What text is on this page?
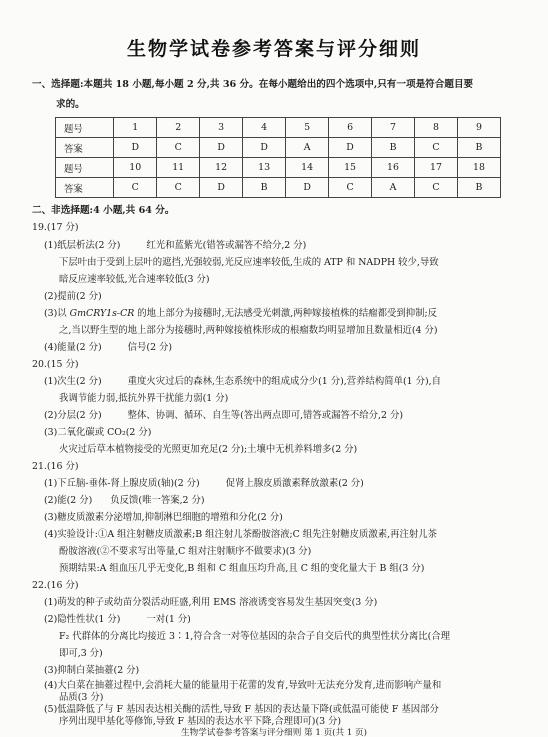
生物学试卷参考答案与评分细则
一、选择题:本题共 18 小题,每小题 2 分,共 36 分。在每小题给出的四个选项中,只有一项是符合题目要
求的。
题号	1	2	3	4	5	6	7	8	9
答案	D	C	D	D	A	D	B	C	B
题号	10	11	12	13	14	15	16	17	18
答案	C	C	D	B	D	C	A	C	B
二、非选择题:4 小题,共 64 分。
19.(17 分)
(1)纸层析法(2 分)	红光和蓝紫光(错答或漏答不给分,2 分)
下层叶由于受到上层叶的遮挡,光强较弱,光反应速率较低,生成的 ATP 和 NADPH 较少,导致
暗反应速率较低,光合速率较低(3 分)
(2)提前(2 分)
(3)以 GmCRY1s-CR 的地上部分为接穗时,无法感受光刺激,两种嫁接植株的结瘤都受到抑制;反
之,当以野生型的地上部分为接穗时,两种嫁接植株形成的根瘤数均明显增加且数量相近(4 分)
(4)能量(2 分)	信号(2 分)
20.(15 分)
(1)次生(2 分)	重度火灾过后的森林,生态系统中的组成成分少(1 分),营养结构简单(1 分),自
我调节能力弱,抵抗外界干扰能力弱(1 分)
(2)分层(2 分)	整体、协调、循环、自生等(答出两点即可,错答或漏答不给分,2 分)
(3)二氧化碳或 CO₂(2 分)
火灾过后草本植物接受的光照更加充足(2 分);土壤中无机养料增多(2 分)
21.(16 分)
(1)下丘脑-垂体-肾上腺皮质(轴)(2 分)	促肾上腺皮质激素释放激素(2 分)
(2)能(2 分) 负反馈(唯一答案,2 分)
(3)糖皮质激素分泌增加,抑制淋巴细胞的增殖和分化(2 分)
(4)实验设计:①A 组注射糖皮质激素;B 组注射儿茶酚胺溶液;C 组先注射糖皮质激素,再注射儿茶
酚胺溶液(②不要求写出等量,C 组对注射顺序不做要求)(3 分)
预期结果:A 组血压几乎无变化,B 组和 C 组血压均升高,且 C 组的变化量大于 B 组(3 分)
22.(16 分)
(1)萌发的种子或幼苗分裂活动旺盛,利用 EMS 溶液诱变容易发生基因突变(3 分)
(2)隐性性状(1 分)	一对(1 分)
F₂ 代群体的分离比均接近 3∶1,符合含一对等位基因的杂合子自交后代的典型性状分离比(合理
即可,3 分)
(3)抑制白菜抽薹(2 分)
(4)大白菜在抽薹过程中,会消耗大量的能量用于花蕾的发育,导致叶无法充分发育,进而影响产量和
品质(3 分)
(5)低温降低了与 F 基因表达相关酶的活性,导致 F 基因的表达量下降(或低温可能使 F 基因部分
生物学试卷参考答案与评分细则 第 1 页(共 1 页)
序列出现甲基化等修饰,导致 F 基因的表达水平下降,合理即可)(3 分)
